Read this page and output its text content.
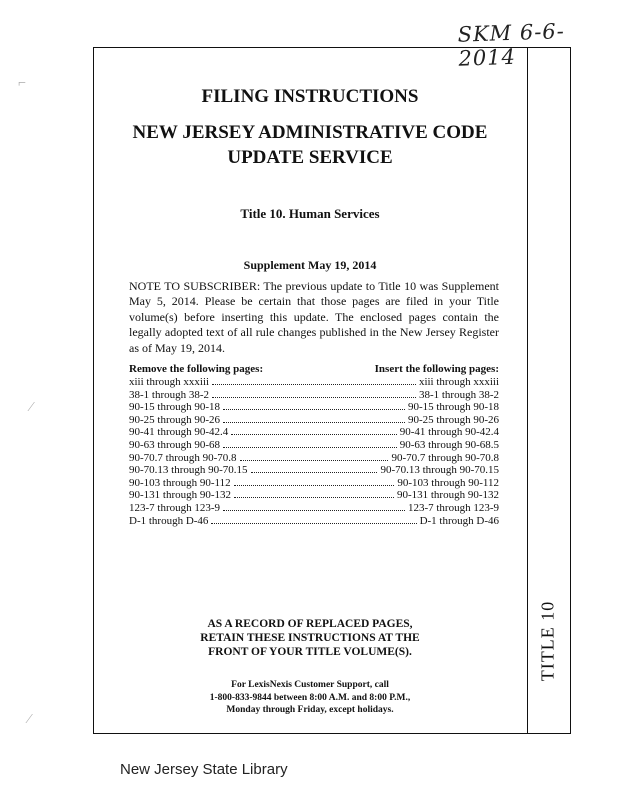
SKM 6-6-2014
TITLE 10
FILING INSTRUCTIONS
NEW JERSEY ADMINISTRATIVE CODE
UPDATE SERVICE
Title 10. Human Services
Supplement May 19, 2014
NOTE TO SUBSCRIBER: The previous update to Title 10 was Supplement May 5, 2014. Please be certain that those pages are filed in your Title volume(s) before inserting this update. The enclosed pages contain the legally adopted text of all rule changes published in the New Jersey Register as of May 19, 2014.
Remove the following pages:	Insert the following pages:
xiii through xxxiii	xiii through xxxiii
38-1 through 38-2	38-1 through 38-2
90-15 through 90-18	90-15 through 90-18
90-25 through 90-26	90-25 through 90-26
90-41 through 90-42.4	90-41 through 90-42.4
90-63 through 90-68	90-63 through 90-68.5
90-70.7 through 90-70.8	90-70.7 through 90-70.8
90-70.13 through 90-70.15	90-70.13 through 90-70.15
90-103 through 90-112	90-103 through 90-112
90-131 through 90-132	90-131 through 90-132
123-7 through 123-9	123-7 through 123-9
D-1 through D-46	D-1 through D-46
AS A RECORD OF REPLACED PAGES,
RETAIN THESE INSTRUCTIONS AT THE
FRONT OF YOUR TITLE VOLUME(S).
For LexisNexis Customer Support, call
1-800-833-9844 between 8:00 A.M. and 8:00 P.M.,
Monday through Friday, except holidays.
New Jersey State Library
⌐
⁄
⁄
